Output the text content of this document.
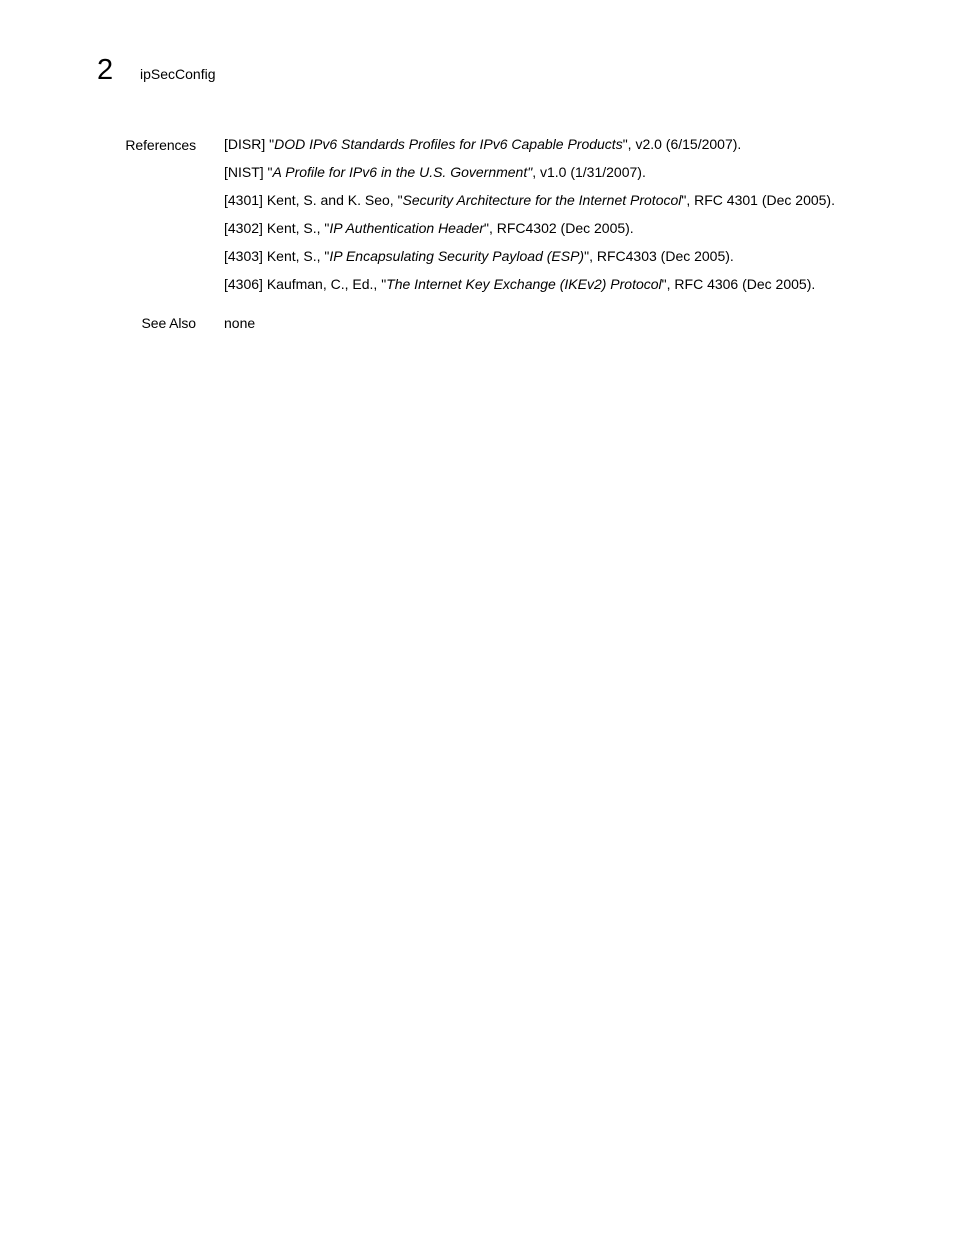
2 ipSecConfig
References [DISR] "DOD IPv6 Standards Profiles for IPv6 Capable Products", v2.0 (6/15/2007).
[NIST] "A Profile for IPv6 in the U.S. Government", v1.0 (1/31/2007).
[4301] Kent, S. and K. Seo, "Security Architecture for the Internet Protocol", RFC 4301 (Dec 2005).
[4302] Kent, S., "IP Authentication Header", RFC4302 (Dec 2005).
[4303] Kent, S., "IP Encapsulating Security Payload (ESP)", RFC4303 (Dec 2005).
[4306] Kaufman, C., Ed., "The Internet Key Exchange (IKEv2) Protocol", RFC 4306 (Dec 2005).
See Also none
